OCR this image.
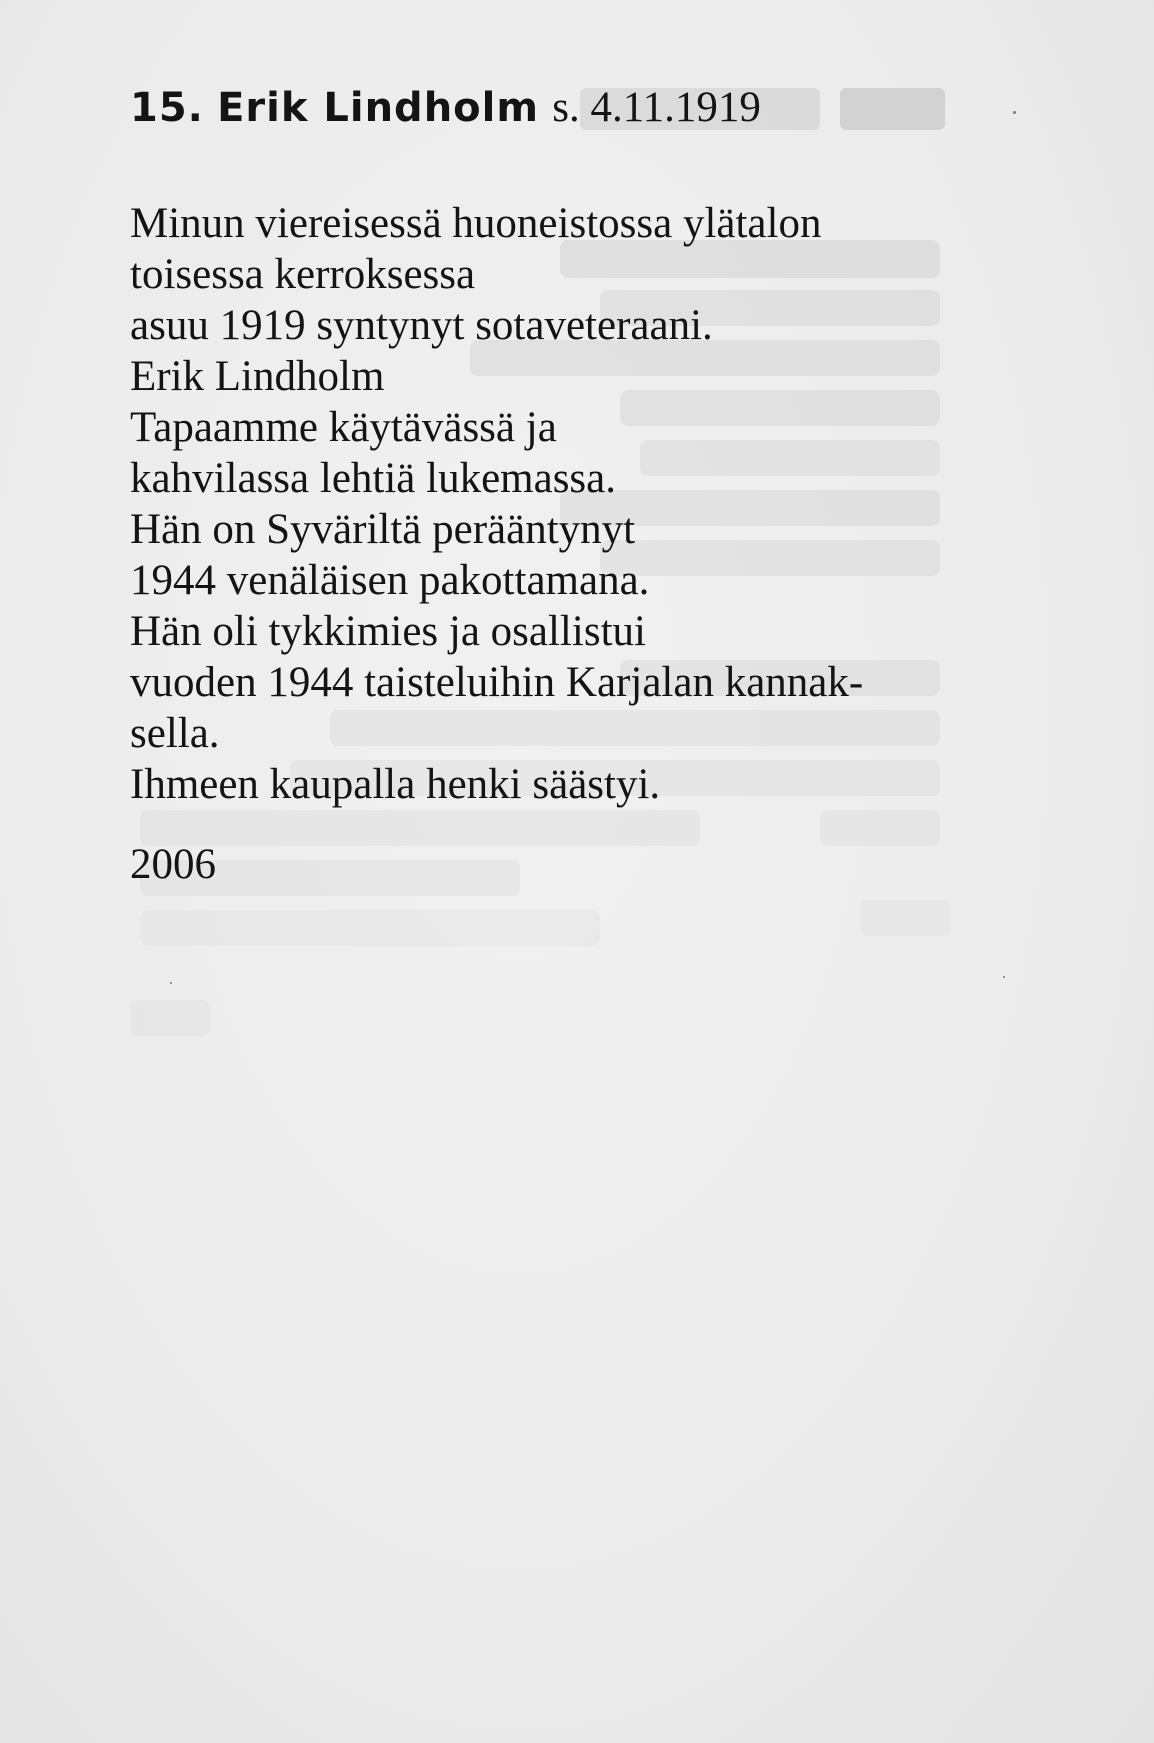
15. Erik Lindholm s. 4.11.1919
Minun viereisessä huoneistossa ylätalon
toisessa kerroksessa
asuu 1919 syntynyt sotaveteraani.
Erik Lindholm
Tapaamme käytävässä ja
kahvilassa lehtiä lukemassa.
Hän on Syväriltä perääntynyt
1944 venäläisen pakottamana.
Hän oli tykkimies ja osallistui
vuoden 1944 taisteluihin Karjalan kannak-
sella.
Ihmeen kaupalla henki säästyi.
2006
